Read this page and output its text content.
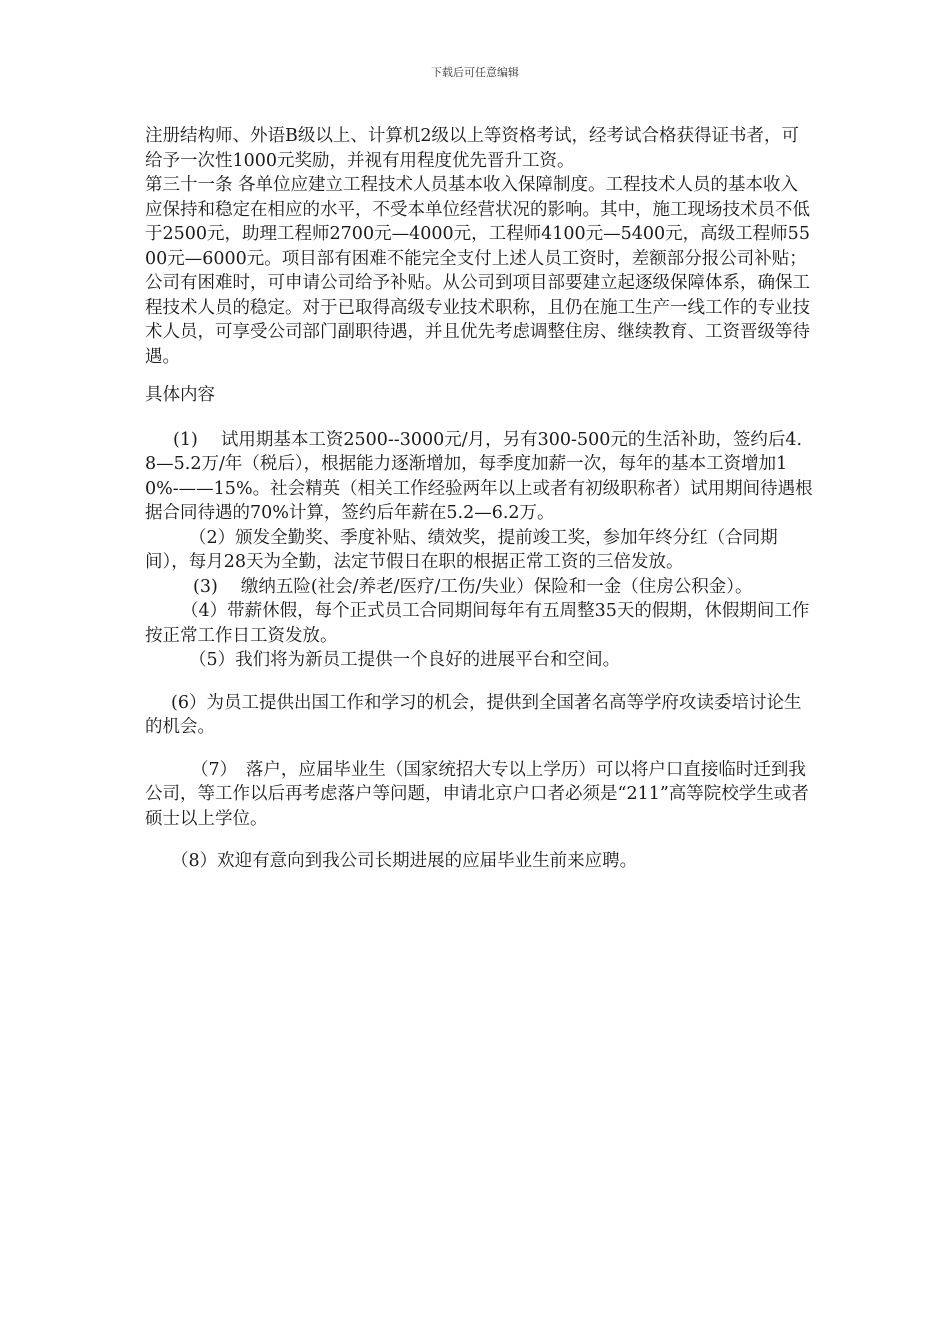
下载后可任意编辑

注册结构师、外语B级以上、计算机2级以上等资格考试，经考试合格获得证书者，可给予一次性1000元奖励，并视有用程度优先晋升工资。

第三十一条 各单位应建立工程技术人员基本收入保障制度。工程技术人员的基本收入应保持和稳定在相应的水平，不受本单位经营状况的影响。其中，施工现场技术员不低于2500元，助理工程师2700元—4000元，工程师4100元—5400元，高级工程师5500元—6000元。项目部有困难不能完全支付上述人员工资时，差额部分报公司补贴；公司有困难时，可申请公司给予补贴。从公司到项目部要建立起逐级保障体系，确保工程技术人员的稳定。对于已取得高级专业技术职称，且仍在施工生产一线工作的专业技术人员，可享受公司部门副职待遇，并且优先考虑调整住房、继续教育、工资晋级等待遇。

具体内容

(1)　 试用期基本工资2500--3000元/月，另有300-500元的生活补助，签约后4.8—5.2万/年（税后），根据能力逐渐增加，每季度加薪一次，每年的基本工资增加10%-——15%。社会精英（相关工作经验两年以上或者有初级职称者）试用期间待遇根据合同待遇的70%计算，签约后年薪在5.2—6.2万。

（2）颁发全勤奖、季度补贴、绩效奖，提前竣工奖，参加年终分红（合同期间），每月28天为全勤，法定节假日在职的根据正常工资的三倍发放。

(3)　 缴纳五险(社会/养老/医疗/工伤/失业）保险和一金（住房公积金）。

（4）带薪休假，每个正式员工合同期间每年有五周整35天的假期，休假期间工作按正常工作日工资发放。

（5）我们将为新员工提供一个良好的进展平台和空间。

(6）为员工提供出国工作和学习的机会，提供到全国著名高等学府攻读委培讨论生的机会。

（7）　落户，应届毕业生（国家统招大专以上学历）可以将户口直接临时迁到我公司，等工作以后再考虑落户等问题，申请北京户口者必须是“211”高等院校学生或者硕士以上学位。

（8）欢迎有意向到我公司长期进展的应届毕业生前来应聘。
